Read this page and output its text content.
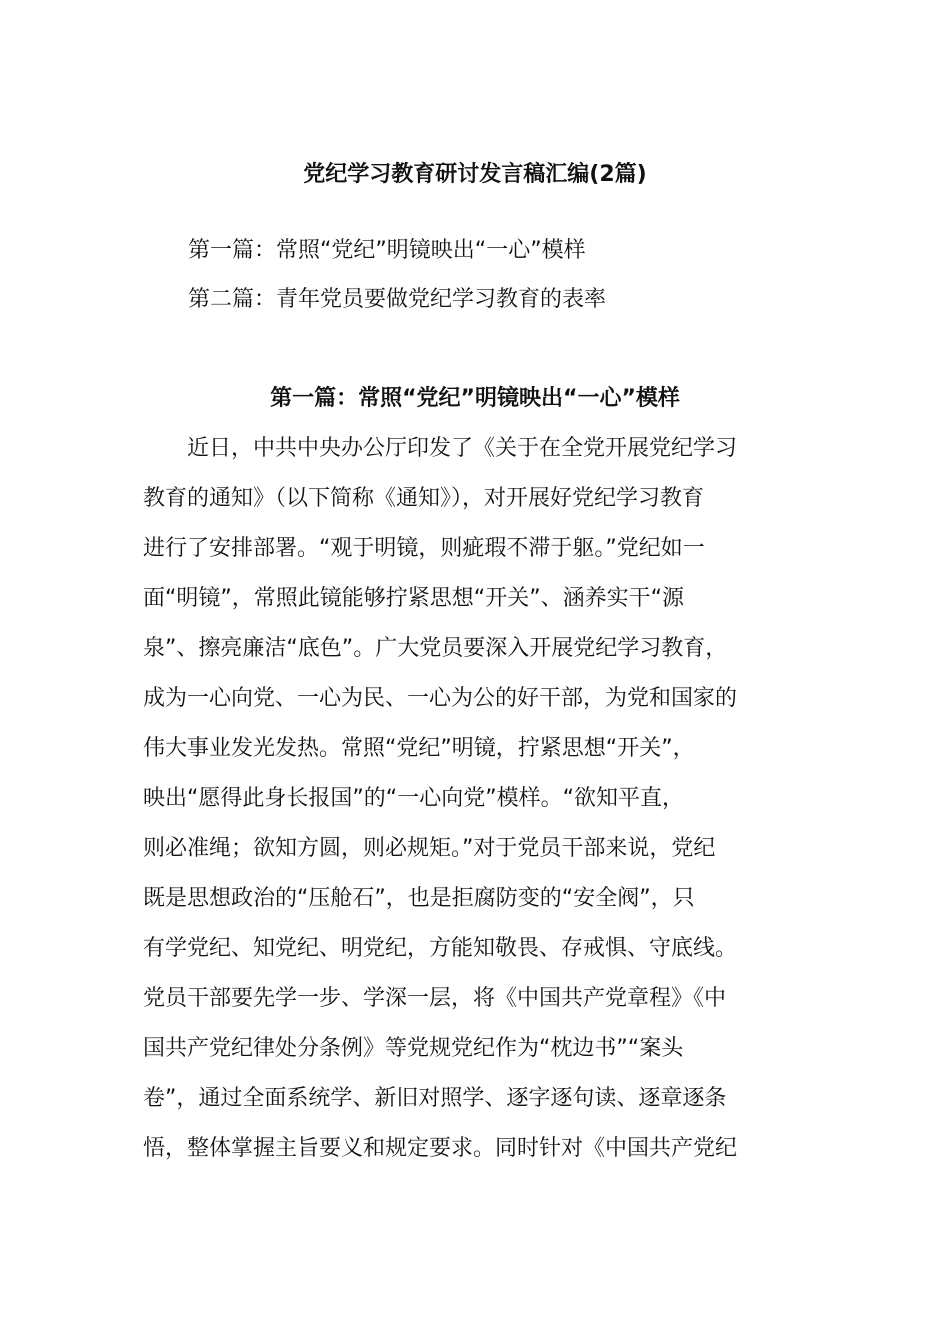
党纪学习教育研讨发言稿汇编(2篇)
第一篇：常照“党纪”明镜映出“一心”模样
第二篇：青年党员要做党纪学习教育的表率
第一篇：常照“党纪”明镜映出“一心”模样
近日，中共中央办公厅印发了《关于在全党开展党纪学习
教育的通知》（以下简称《通知》），对开展好党纪学习教育
进行了安排部署。“观于明镜，则疵瑕不滞于躯。”党纪如一
面“明镜”，常照此镜能够拧紧思想“开关”、涵养实干“源
泉”、擦亮廉洁“底色”。广大党员要深入开展党纪学习教育，
成为一心向党、一心为民、一心为公的好干部，为党和国家的
伟大事业发光发热。常照“党纪”明镜，拧紧思想“开关”，
映出“愿得此身长报国”的“一心向党”模样。“欲知平直，
则必准绳；欲知方圆，则必规矩。”对于党员干部来说，党纪
既是思想政治的“压舱石”，也是拒腐防变的“安全阀”，只
有学党纪、知党纪、明党纪，方能知敬畏、存戒惧、守底线。
党员干部要先学一步、学深一层，将《中国共产党章程》《中
国共产党纪律处分条例》等党规党纪作为“枕边书”“案头
卷”，通过全面系统学、新旧对照学、逐字逐句读、逐章逐条
悟，整体掌握主旨要义和规定要求。同时针对《中国共产党纪
